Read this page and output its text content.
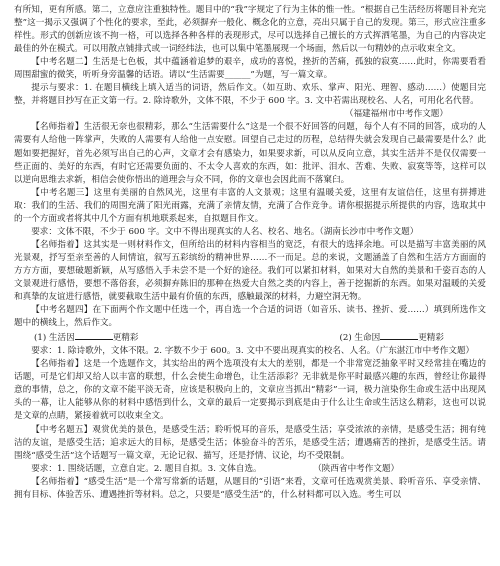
有所知，更有所感。第二，立意应注重独特性。题目中的“我”字规定了行为主体的惟一性。“根据自己生活经历将题目补充完整”这一揭示又强调了个性化的要求，至此，必须摒弃一般化、概念化的立意，亮出只属于自己的发现。第三，形式应注重多样性。形式的创新应该不拘一格，可以选择各种各样的表现形式，尽可以选择自己擅长的方式挥洒笔墨，为自己的内容决定最佳的外在模式。可以用散点铺排式或一词经纬法，也可以集中笔墨展现一个场面，然后以一句精妙的点示收束全文。

【中考名题二】生活是七色板，其中蕴涵着追梦的艰辛，成功的喜悦，挫折的苦痛，孤独的寂寞……此时，你需要看看周围甜蜜的微笑，听听身旁温馨的话语。请以“生活需要______”为题，写一篇文章。

提示与要求：1. 在题目横线上填入适当的词语，然后作文。（如互助、欢乐、掌声、阳光、理智、感动……）使题目完整，并将题目抄写在正文第一行。2. 除诗歌外，文体不限，不少于 600 字。3. 文中若需出现校名、人名，可用化名代替。

（福建福州市中考作文题）

【名师指着】生活很无奈也很精彩，那么“生活需要什么”这是一个很不好回答的问题，每个人有不同的回答，成功的人需要有人给他一阵掌声，失败的人需要有人给他一点安慰。回望自己走过的历程，总结得失就会发现自己最需要是什么？此题如要把握好，首先必须写出自己的心声，文章才会有感染力，如果要求新，可以从反向立意，其实生活并不是仅仅需要一些正面的、美好的东西，有时它还需要负面的、不太令人喜欢的东西，如：批评、泪水、苦难、失败、寂寞等等，这样可以以逆向思维去求新，相信会使你悟出的道理会与众不同，你的文章也会因此而不落窠臼。

【中考名题三】这里有美丽的自然风光，这里有丰富的人文景观；这里有温暖关爱，这里有友谊信任，这里有拼搏进取：我们的生活、我们的周围充满了阳光雨露，充满了亲情友情，充满了合作竞争。请你根据提示所提供的内容，选取其中的一个方面或者将其中几个方面有机地联系起来，自拟题目作文。

要求：文体不限，不少于 600 字。文中不得出现真实的人名、校名、地名。（湖南长沙市中考作文题）

【名师指着】这其实是一则材料作文，但所给出的材料内容相当的宽泛，有很大的选择余地。可以是描写丰富美丽的风光景观，抒写至亲至善的人间情谊，叙写五彩缤纷的精神世界……不一而足。总的来说，文题涵盖了自然和生活方方面面的方方方面，要想破题新颖，从写感悟入手未尝不是一个好的途径。我们可以紧扣材料，如果对大自然的美景和千姿百态的人文景观进行感悟，要想不落俗套，必须摒弃陈旧的那种在热爱大自然之类的内容上，善于挖掘新的东西。如果对温暖的关爱和真挚的友谊进行感悟，就要截取生活中最有价值的东西，感触最深的材料，力避空洞无物。

【中考名题四】在下面两个作文题中任选一个，再自选一个合适的词语（如音乐、读书、挫折、爱……）填到所选作文题中的横线上，然后作文。

(1) 生活因	更精彩	(2) 生命因	更精彩

要求：1. 除诗歌外，文体不限。2. 字数不少于 600。3. 文中不要出现真实的校名、人名。（广东湛江市中考作文题）

【名师指着】这是一个选题作文，其实给出的两个选项没有太大的差别，都是一个非常宽泛抽象平时又经常挂在嘴边的话题，可是它们却又给人以丰富的联想，什么会使生命增色，让生活添彩？无非就是你平时最感兴趣的东西，曾经让你最得意的事情，总之，你的文章不能平淡无奇，应该是积极向上的，文章应当抓出“精彩”一词，极力渲染你生命或生活中出现风头的一幕，让人能够从你的材料中感悟到什么，文章的最后一定要揭示到底是由于什么让生命或生活这么精彩，这也可以说是文章的点睛，紧接着就可以收束全文。

【中考名题五】观赏优美的景色，是感受生活；聆听悦耳的音乐，是感受生活；享受浓浓的亲情，是感受生活；拥有纯洁的友谊，是感受生活；追求远大的目标，是感受生活；体验奋斗的苦乐，是感受生活；遭遇痛苦的挫折，是感受生活。请围绕“感受生活”这个话题写一篇文章，无论记叙、描写，还是抒情、议论，均不受限制。

要求：1. 围绕话题，立意自定。2. 题目自拟。3. 文体自选。　　　　　　　（陕西省中考作文题）

【名师指着】“感受生活”是一个常写常新的话题，从题目的“引语”来看，文章可任选观赏美景、聆听音乐、享受亲情、拥有目标、体验苦乐、遭遇挫折等材料。总之，只要是“感受生活”的，什么材料都可以入选。考生可以
